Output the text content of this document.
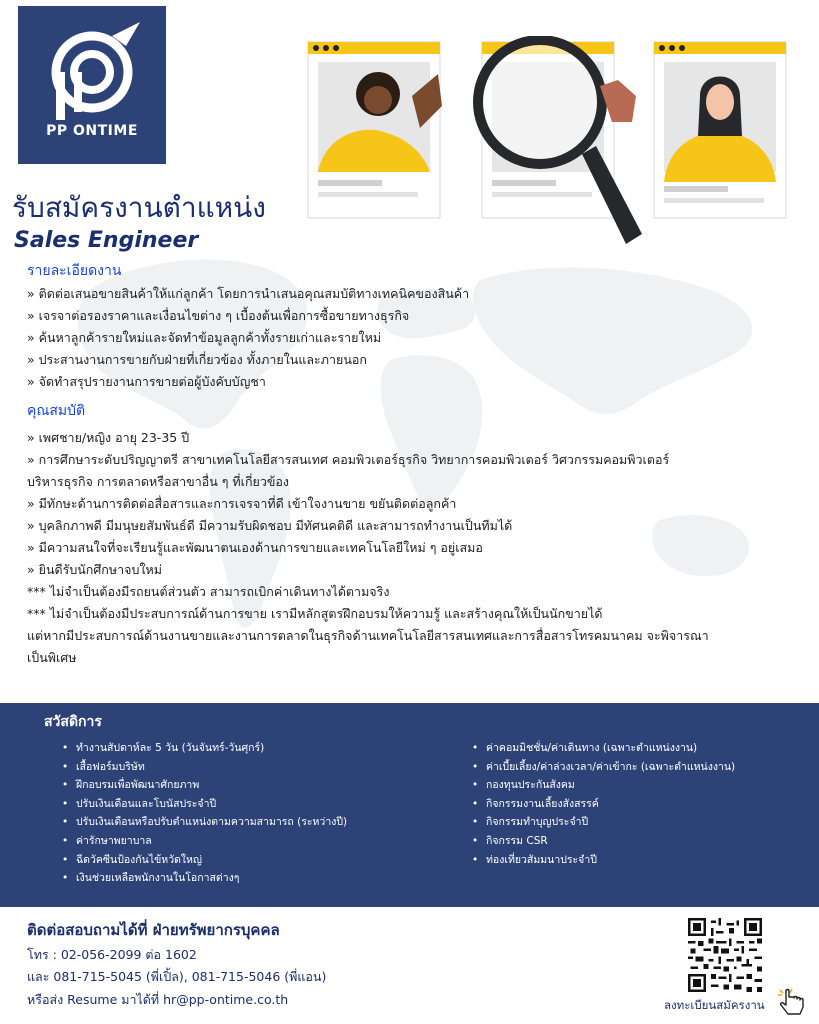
PP ONTIME
รับสมัครงานตำแหน่ง
Sales Engineer
รายละเอียดงาน
» ติดต่อเสนอขายสินค้าให้แก่ลูกค้า โดยการนำเสนอคุณสมบัติทางเทคนิคของสินค้า
» เจรจาต่อรองราคาและเงื่อนไขต่าง ๆ เบื้องต้นเพื่อการซื้อขายทางธุรกิจ
» ค้นหาลูกค้ารายใหม่และจัดทำข้อมูลลูกค้าทั้งรายเก่าและรายใหม่
» ประสานงานการขายกับฝ่ายที่เกี่ยวข้อง ทั้งภายในและภายนอก
» จัดทำสรุปรายงานการขายต่อผู้บังคับบัญชา
คุณสมบัติ
» เพศชาย/หญิง อายุ 23-35 ปี
» การศึกษาระดับปริญญาตรี สาขาเทคโนโลยีสารสนเทศ คอมพิวเตอร์ธุรกิจ วิทยาการคอมพิวเตอร์ วิศวกรรมคอมพิวเตอร์
บริหารธุรกิจ การตลาดหรือสาขาอื่น ๆ ที่เกี่ยวข้อง
» มีทักษะด้านการติดต่อสื่อสารและการเจรจาที่ดี เข้าใจงานขาย ขยันติดต่อลูกค้า
» บุคลิกภาพดี มีมนุษยสัมพันธ์ดี มีความรับผิดชอบ มีทัศนคติดี และสามารถทำงานเป็นทีมได้
» มีความสนใจที่จะเรียนรู้และพัฒนาตนเองด้านการขายและเทคโนโลยีใหม่ ๆ อยู่เสมอ
» ยินดีรับนักศึกษาจบใหม่
*** ไม่จำเป็นต้องมีรถยนต์ส่วนตัว สามารถเบิกค่าเดินทางได้ตามจริง
*** ไม่จำเป็นต้องมีประสบการณ์ด้านการขาย เรามีหลักสูตรฝึกอบรมให้ความรู้ และสร้างคุณให้เป็นนักขายได้
แต่หากมีประสบการณ์ด้านงานขายและงานการตลาดในธุรกิจด้านเทคโนโลยีสารสนเทศและการสื่อสารโทรคมนาคม จะพิจารณา
เป็นพิเศษ
สวัสดิการ
• ทำงานสัปดาห์ละ 5 วัน (วันจันทร์-วันศุกร์)
• เสื้อฟอร์มบริษัท
• ฝึกอบรมเพื่อพัฒนาศักยภาพ
• ปรับเงินเดือนและโบนัสประจำปี
• ปรับเงินเดือนหรือปรับตำแหน่งตามความสามารถ (ระหว่างปี)
• ค่ารักษาพยาบาล
• ฉีดวัคซีนป้องกันไข้หวัดใหญ่
• เงินช่วยเหลือพนักงานในโอกาสต่างๆ
• ค่าคอมมิชชั่น/ค่าเดินทาง (เฉพาะตำแหน่งงาน)
• ค่าเบี้ยเลี้ยง/ค่าล่วงเวลา/ค่าเข้ากะ (เฉพาะตำแหน่งงาน)
• กองทุนประกันสังคม
• กิจกรรมงานเลี้ยงสังสรรค์
• กิจกรรมทำบุญประจำปี
• กิจกรรม CSR
• ท่องเที่ยวสัมมนาประจำปี
ติดต่อสอบถามได้ที่ ฝ่ายทรัพยากรบุคคล
โทร : 02-056-2099 ต่อ 1602
และ 081-715-5045 (พี่เปิ้ล), 081-715-5046 (พี่แอน)
หรือส่ง Resume มาได้ที่ hr@pp-ontime.co.th	ลงทะเบียนสมัครงาน
